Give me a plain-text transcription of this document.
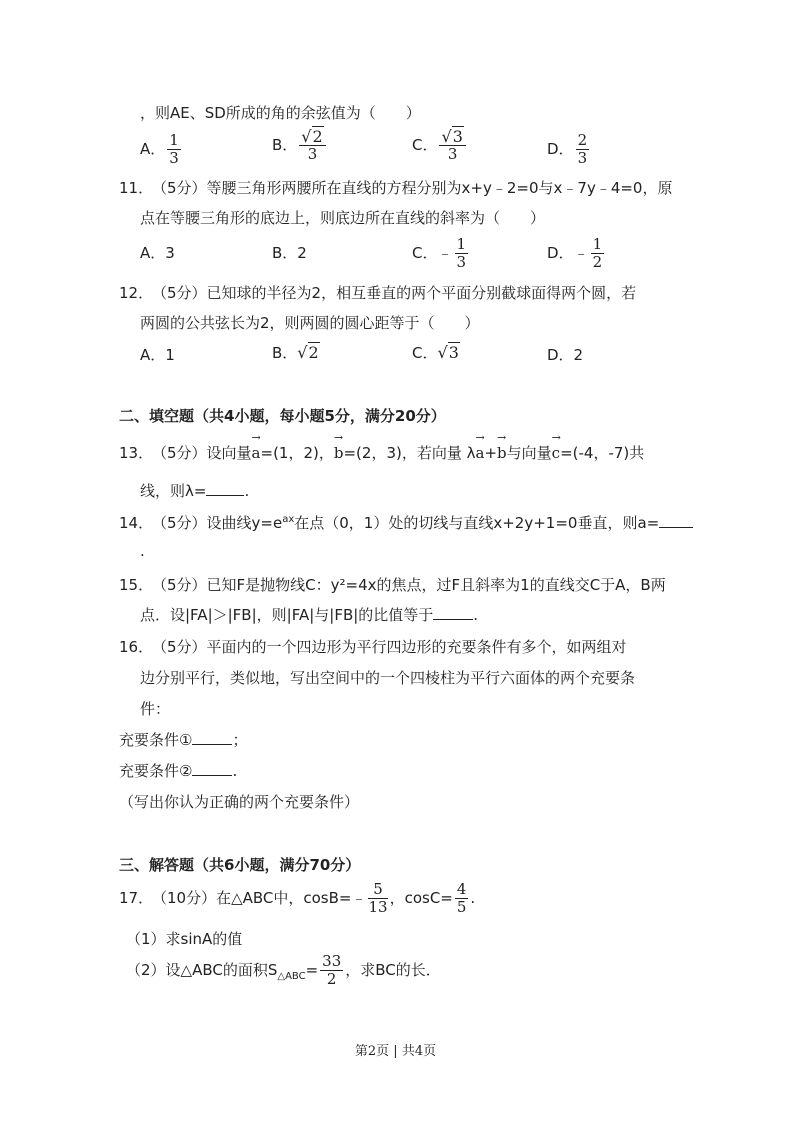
，则AE、SD所成的角的余弦值为（　　）
A． $\frac{1}{3}$	B． $\frac{√2}{3}$	C． $\frac{√3}{3}$	D． $\frac{2}{3}$
11．
（5分）等腰三角形两腰所在直线的方程分别为x+y﹣2=0与x﹣7y﹣4=0，原
点在等腰三角形的底边上，则底边所在直线的斜率为（　　）
A．3	B．2	C．﹣ $\frac{1}{3}$	D．﹣ $\frac{1}{2}$
12．
（5分）已知球的半径为2，相互垂直的两个平面分别截球面得两个圆，若
两圆的公共弦长为2，则两圆的圆心距等于（　　）
A．1	B．√2	C．√3	D．2
二、填空题（共4小题，每小题5分，满分20分）
13．
（5分）设向量→ a=(1，2)，→ b=(2，3)，若向量 λ→ a+→ b与向量→ c=(-4，-7)共
线，则λ=	.
14．
（5分）设曲线$y=e^{ax}$在点（0，1）处的切线与直线x+2y+1=0垂直，则a=
.
15．
（5分）已知F是抛物线C：y²=4x的焦点，过F且斜率为1的直线交C于A，B两
点．设|FA|＞|FB|，则|FA|与|FB|的比值等于	.
16．
（5分）平面内的一个四边形为平行四边形的充要条件有多个，如两组对
边分别平行，类似地，写出空间中的一个四棱柱为平行六面体的两个充要条
件：
充要条件①	；
充要条件②	.
（写出你认为正确的两个充要条件）
三、解答题（共6小题，满分70分）
17．
（10分）在△ABC中，cosB=﹣ $\frac{5}{13}$ ，$\cos C= \frac{4}{5}$ .
（1）求sinA的值
（2）设△ABC的面积$S_{\triangle ABC}= \frac{33}{2}$ ，求BC的长．
第2页 | 共4页
